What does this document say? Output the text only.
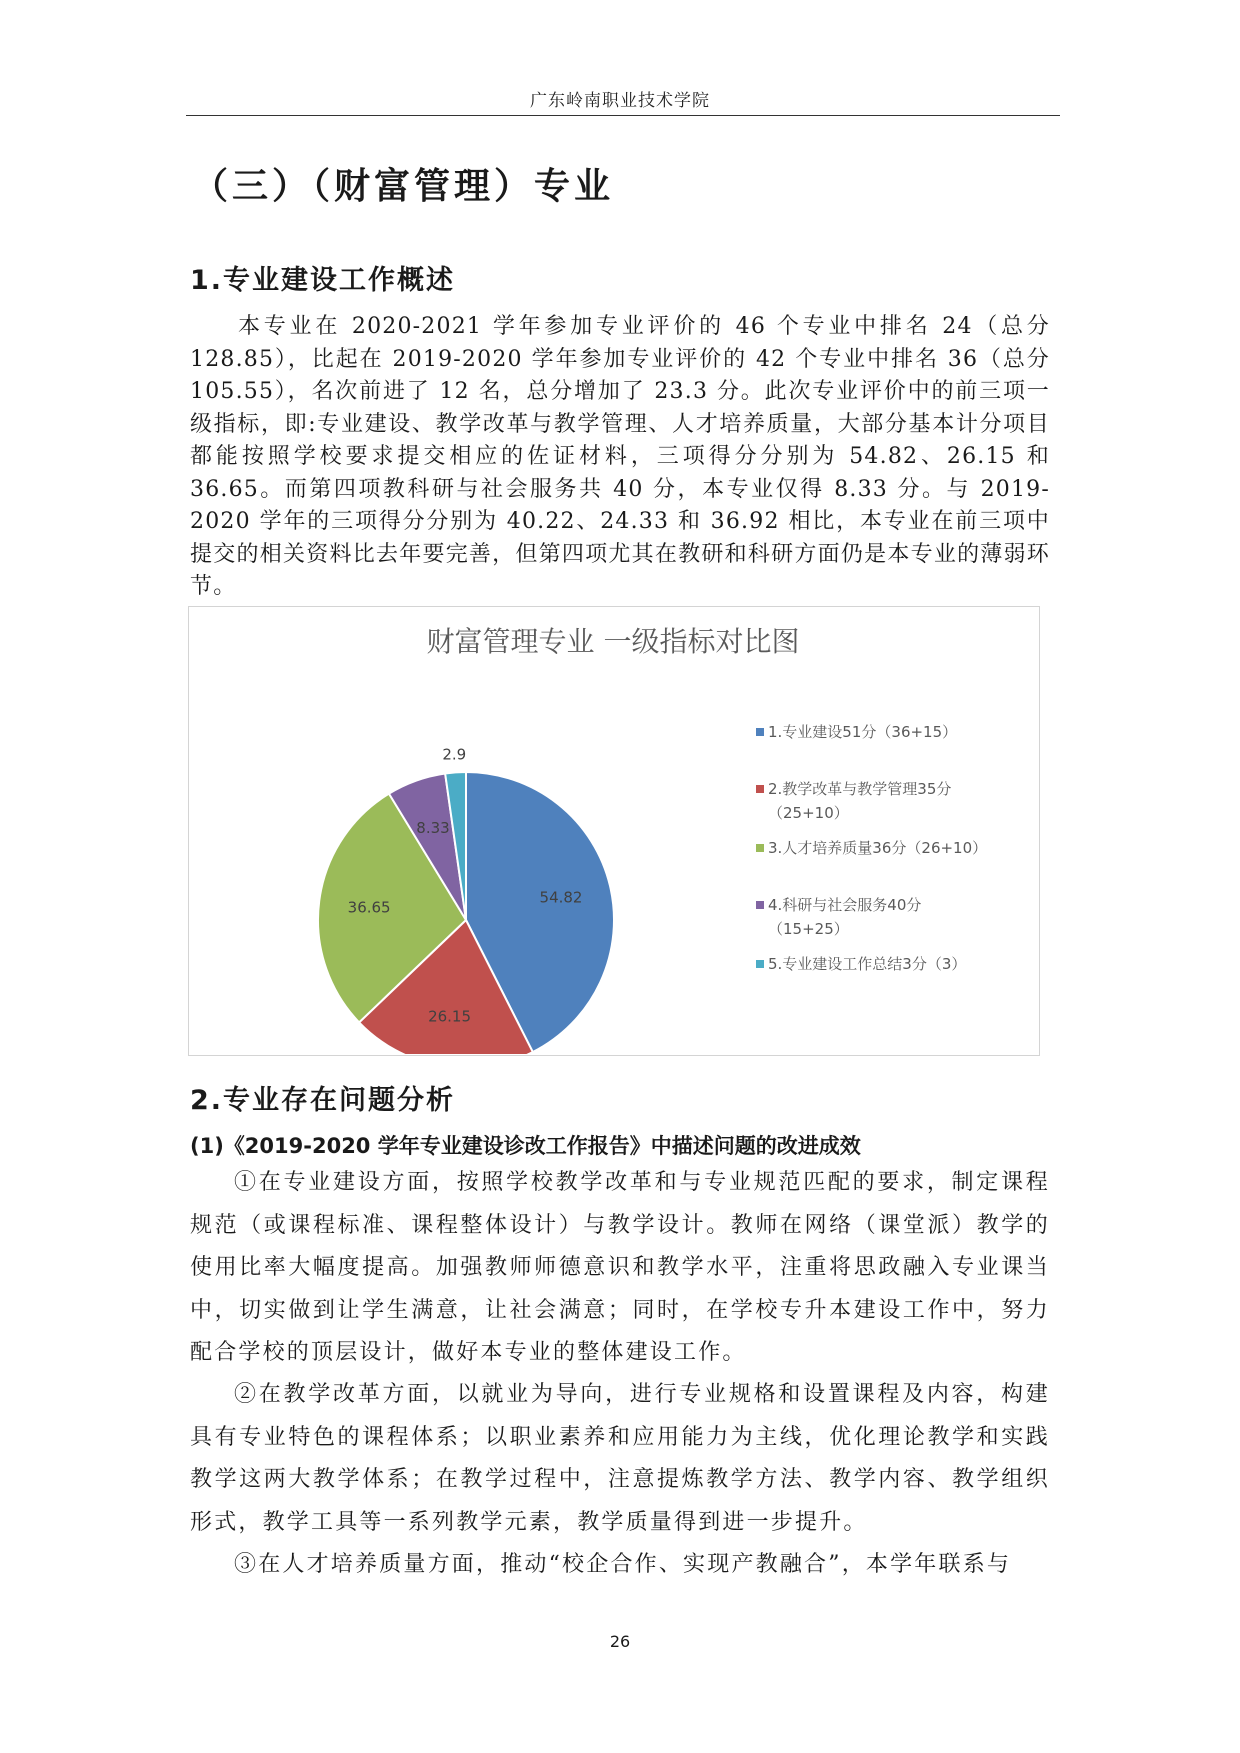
广东岭南职业技术学院
（三）（财富管理）专业
1.专业建设工作概述

本专业在 2020-2021 学年参加专业评价的 46 个专业中排名 24（总分 128.85），比起在 2019-2020 学年参加专业评价的 42 个专业中排名 36（总分 105.55），名次前进了 12 名，总分增加了 23.3 分。此次专业评价中的前三项一级指标，即:专业建设、教学改革与教学管理、人才培养质量，大部分基本计分项目都能按照学校要求提交相应的佐证材料，三项得分分别为 54.82、26.15 和 36.65。而第四项教科研与社会服务共 40 分，本专业仅得 8.33 分。与 2019-2020 学年的三项得分分别为 40.22、24.33 和 36.92 相比，本专业在前三项中提交的相关资料比去年要完善，但第四项尤其在教研和科研方面仍是本专业的薄弱环节。

财富管理专业 一级指标对比图
54.82
26.15
36.65
8.33
2.9
1.专业建设51分（36+15）
2.教学改革与教学管理35分
（25+10）
3.人才培养质量36分（26+10）
4.科研与社会服务40分
（15+25）
5.专业建设工作总结3分（3）
2.专业存在问题分析
(1)《2019-2020 学年专业建设诊改工作报告》中描述问题的改进成效

①在专业建设方面，按照学校教学改革和与专业规范匹配的要求，制定课程规范（或课程标准、课程整体设计）与教学设计。教师在网络（课堂派）教学的使用比率大幅度提高。加强教师师德意识和教学水平，注重将思政融入专业课当中，切实做到让学生满意，让社会满意；同时，在学校专升本建设工作中，努力配合学校的顶层设计，做好本专业的整体建设工作。

②在教学改革方面，以就业为导向，进行专业规格和设置课程及内容，构建具有专业特色的课程体系；以职业素养和应用能力为主线，优化理论教学和实践教学这两大教学体系；在教学过程中，注意提炼教学方法、教学内容、教学组织形式，教学工具等一系列教学元素，教学质量得到进一步提升。

③在人才培养质量方面，推动“校企合作、实现产教融合”，本学年联系与

26
